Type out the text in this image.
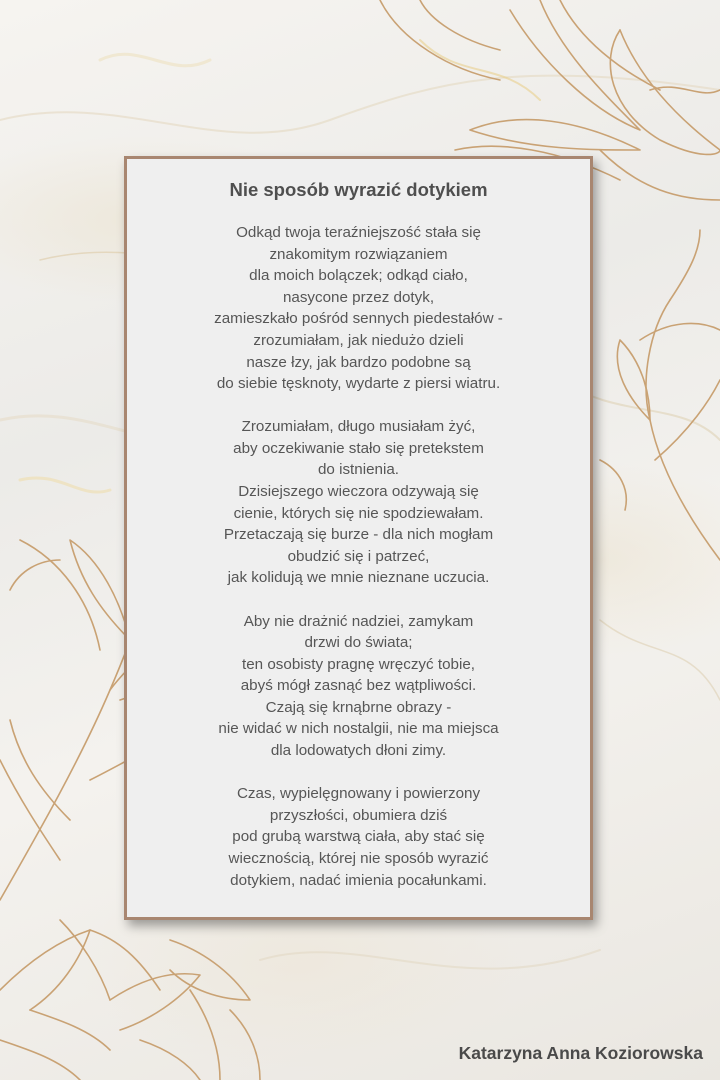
Nie sposób wyrazić dotykiem
Odkąd twoja teraźniejszość stała się
znakomitym rozwiązaniem
dla moich bolączek; odkąd ciało,
nasycone przez dotyk,
zamieszkało pośród sennych piedestałów -
zrozumiałam, jak niedużo dzieli
nasze łzy, jak bardzo podobne są
do siebie tęsknoty, wydarte z piersi wiatru.
Zrozumiałam, długo musiałam żyć,
aby oczekiwanie stało się pretekstem
do istnienia.
Dzisiejszego wieczora odzywają się
cienie, których się nie spodziewałam.
Przetaczają się burze - dla nich mogłam
obudzić się i patrzeć,
jak kolidują we mnie nieznane uczucia.
Aby nie drażnić nadziei, zamykam
drzwi do świata;
ten osobisty pragnę wręczyć tobie,
abyś mógł zasnąć bez wątpliwości.
Czają się krnąbrne obrazy -
nie widać w nich nostalgii, nie ma miejsca
dla lodowatych dłoni zimy.
Czas, wypielęgnowany i powierzony
przyszłości, obumiera dziś
pod grubą warstwą ciała, aby stać się
wiecznością, której nie sposób wyrazić
dotykiem, nadać imienia pocałunkami.
Katarzyna Anna Koziorowska
